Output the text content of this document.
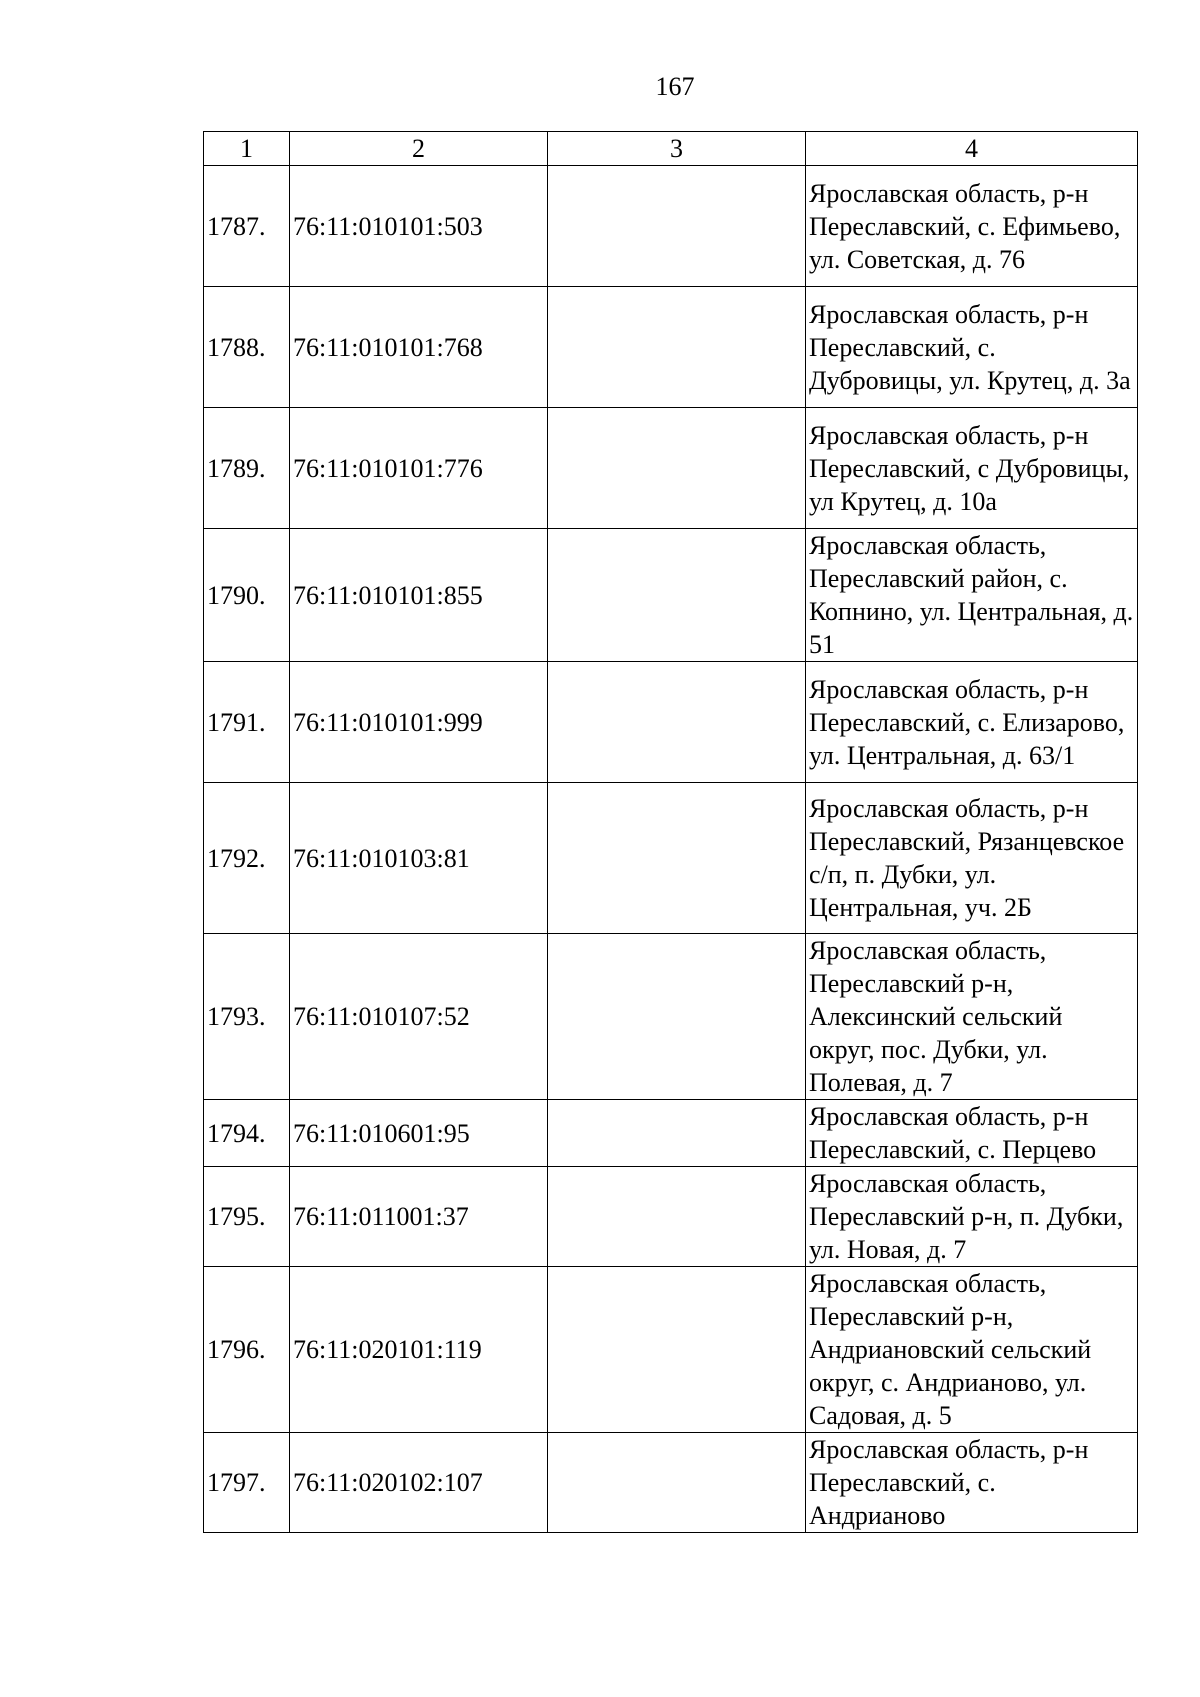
167
1	2	3	4
1787.	76:11:010101:503		Ярославская область, р-н Переславский, с. Ефимьево, ул. Советская, д. 76
1788.	76:11:010101:768		Ярославская область, р-н Переславский, с. Дубровицы, ул. Крутец, д. 3а
1789.	76:11:010101:776		Ярославская область, р-н Переславский, с Дубровицы, ул Крутец, д. 10а
1790.	76:11:010101:855		Ярославская область, Переславский район, с. Копнино, ул. Центральная, д. 51
1791.	76:11:010101:999		Ярославская область, р-н Переславский, с. Елизарово, ул. Центральная, д. 63/1
1792.	76:11:010103:81		Ярославская область, р-н Переславский, Рязанцевское с/п, п. Дубки, ул. Центральная, уч. 2Б
1793.	76:11:010107:52		Ярославская область, Переславский р-н, Алексинский сельский округ, пос. Дубки, ул. Полевая, д. 7
1794.	76:11:010601:95		Ярославская область, р-н Переславский, с. Перцево
1795.	76:11:011001:37		Ярославская область, Переславский р-н, п. Дубки, ул. Новая, д. 7
1796.	76:11:020101:119		Ярославская область, Переславский р-н, Андриановский сельский округ, с. Андрианово, ул. Садовая, д. 5
1797.	76:11:020102:107		Ярославская область, р-н Переславский, с. Андрианово
